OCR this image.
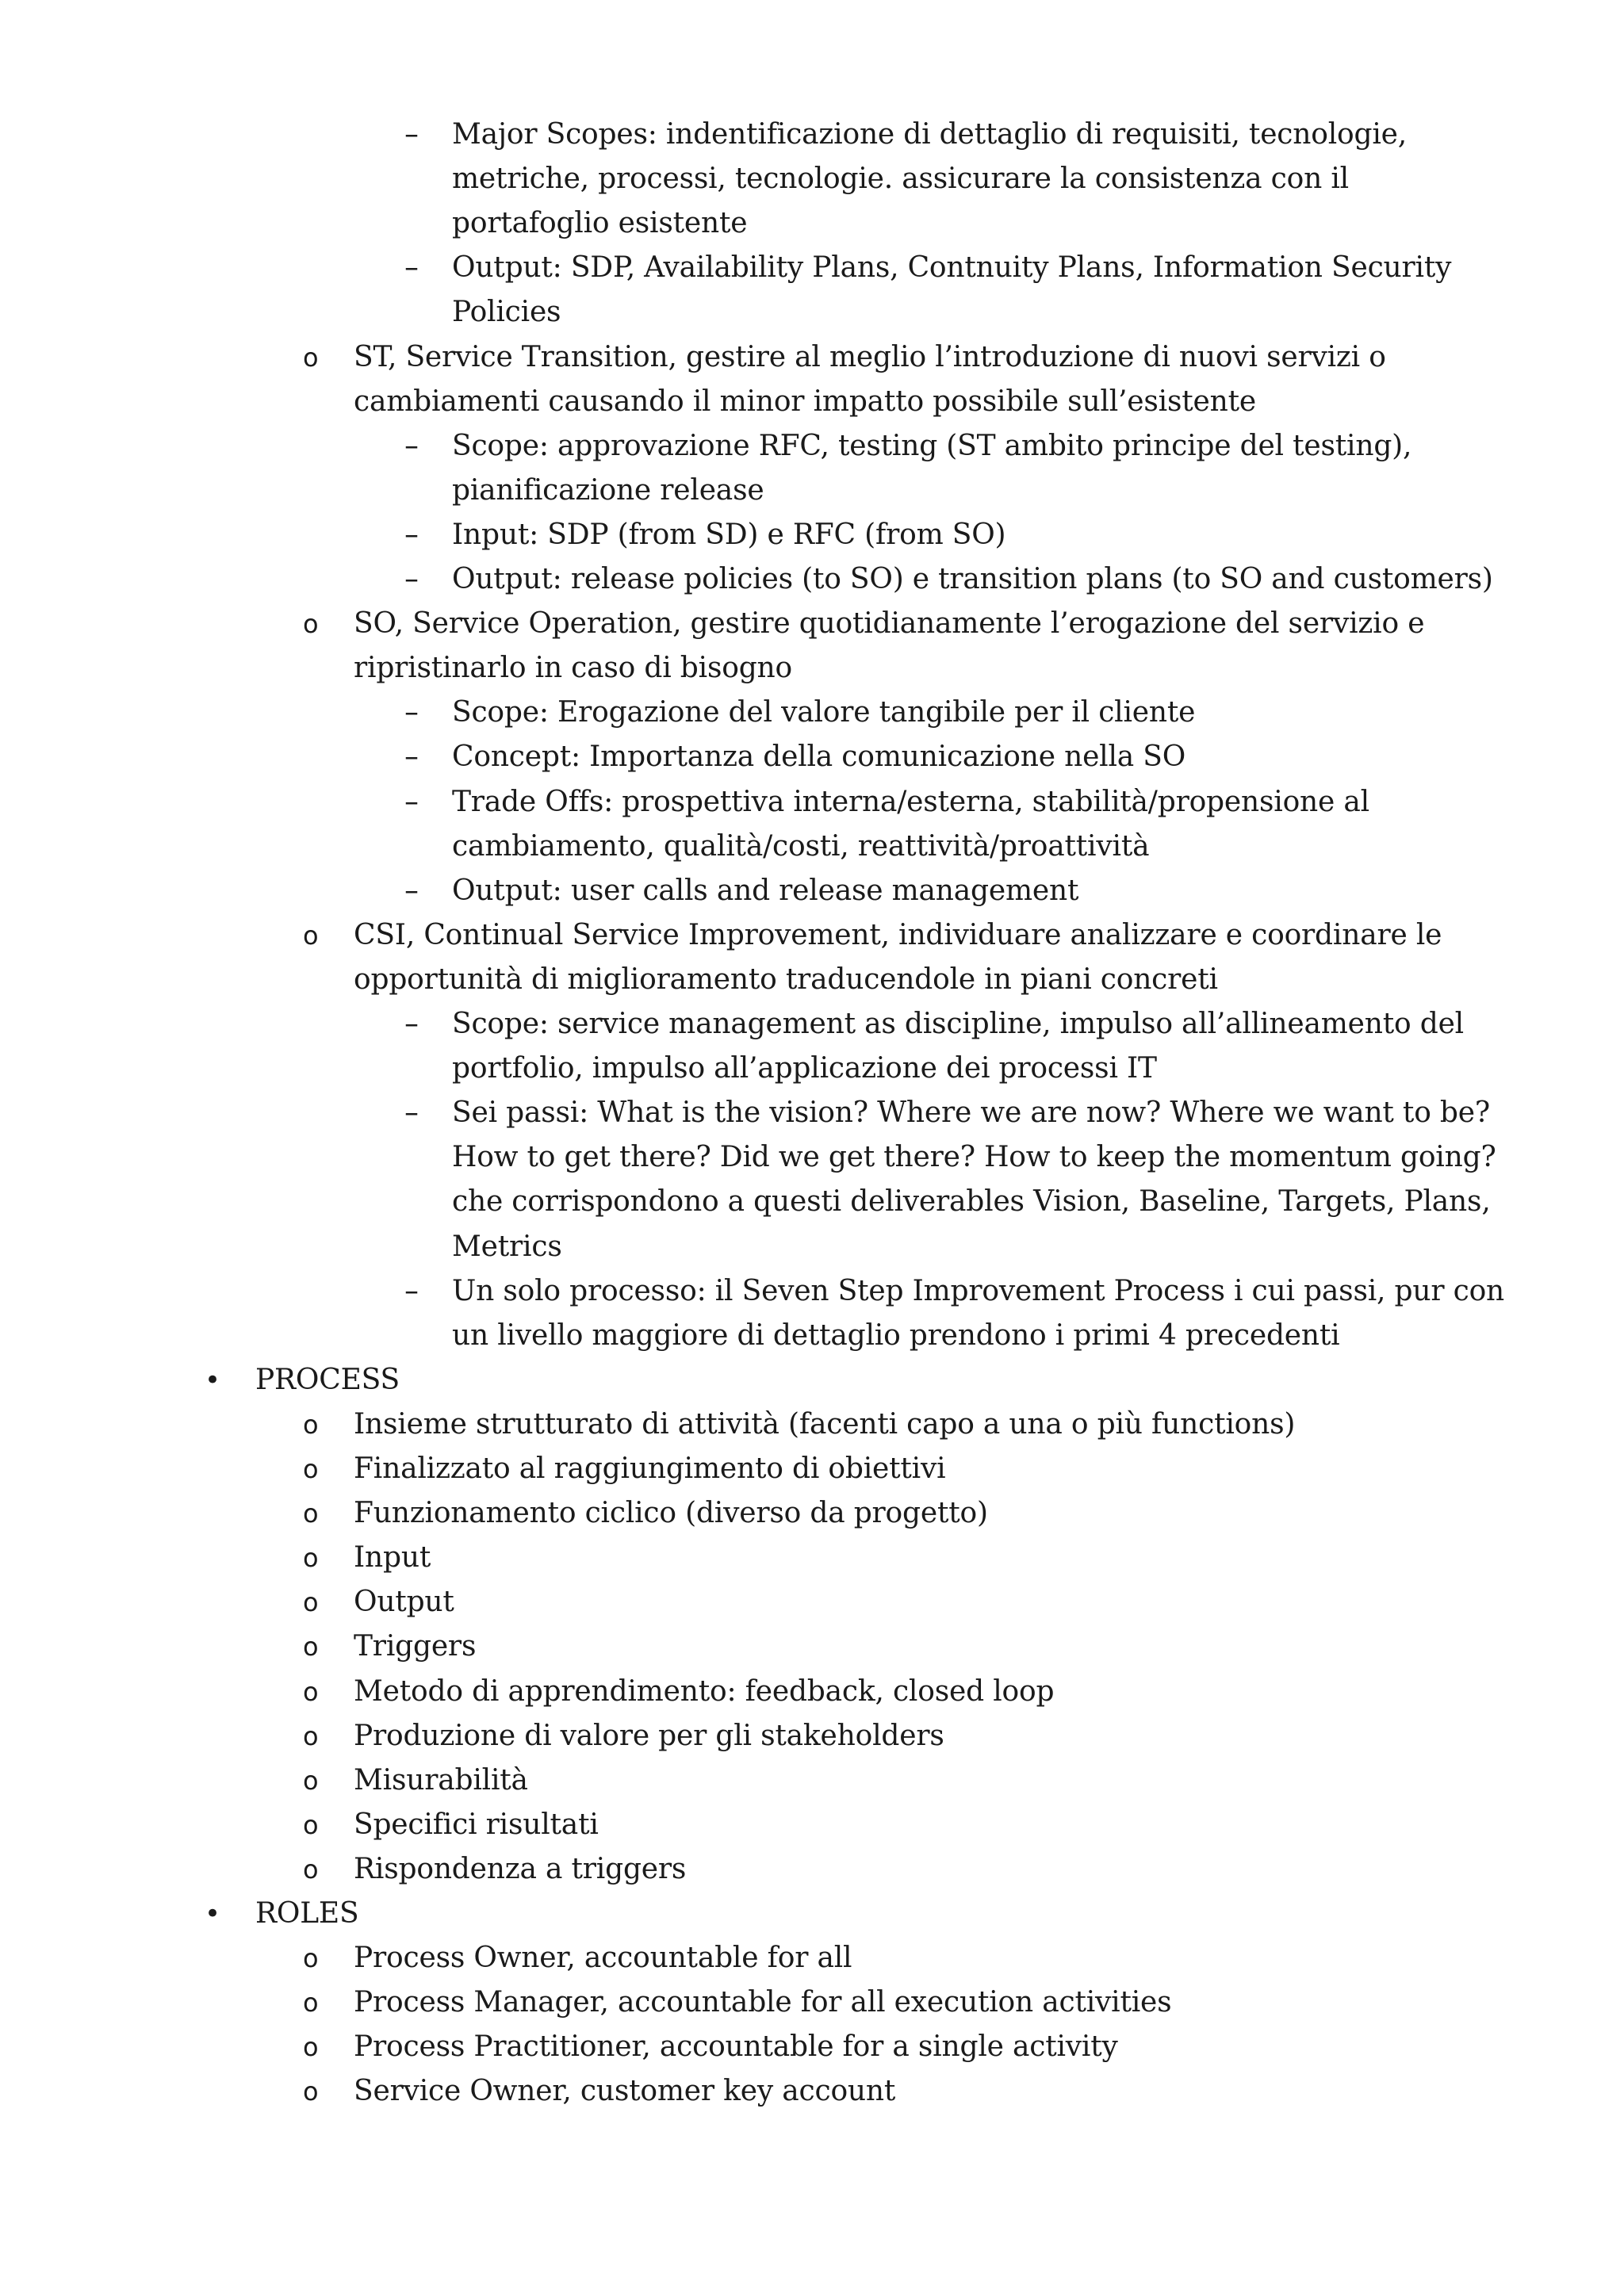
– Major Scopes: indentificazione di dettaglio di requisiti, tecnologie,
metriche, processi, tecnologie. assicurare la consistenza con il
portafoglio esistente
– Output: SDP, Availability Plans, Contnuity Plans, Information Security
Policies
o ST, Service Transition, gestire al meglio l’introduzione di nuovi servizi o
cambiamenti causando il minor impatto possibile sull’esistente
– Scope: approvazione RFC, testing (ST ambito principe del testing),
pianificazione release
– Input: SDP (from SD) e RFC (from SO)
– Output: release policies (to SO) e transition plans (to SO and customers)
o SO, Service Operation, gestire quotidianamente l’erogazione del servizio e
ripristinarlo in caso di bisogno
– Scope: Erogazione del valore tangibile per il cliente
– Concept: Importanza della comunicazione nella SO
– Trade Offs: prospettiva interna/esterna, stabilità/propensione al
cambiamento, qualità/costi, reattività/proattività
– Output: user calls and release management
o CSI, Continual Service Improvement, individuare analizzare e coordinare le
opportunità di miglioramento traducendole in piani concreti
– Scope: service management as discipline, impulso all’allineamento del
portfolio, impulso all’applicazione dei processi IT
– Sei passi: What is the vision? Where we are now? Where we want to be?
How to get there? Did we get there? How to keep the momentum going?
che corrispondono a questi deliverables Vision, Baseline, Targets, Plans,
Metrics
– Un solo processo: il Seven Step Improvement Process i cui passi, pur con
un livello maggiore di dettaglio prendono i primi 4 precedenti
• PROCESS
o Insieme strutturato di attività (facenti capo a una o più functions)
o Finalizzato al raggiungimento di obiettivi
o Funzionamento ciclico (diverso da progetto)
o Input
o Output
o Triggers
o Metodo di apprendimento: feedback, closed loop
o Produzione di valore per gli stakeholders
o Misurabilità
o Specifici risultati
o Rispondenza a triggers
• ROLES
o Process Owner, accountable for all
o Process Manager, accountable for all execution activities
o Process Practitioner, accountable for a single activity
o Service Owner, customer key account
